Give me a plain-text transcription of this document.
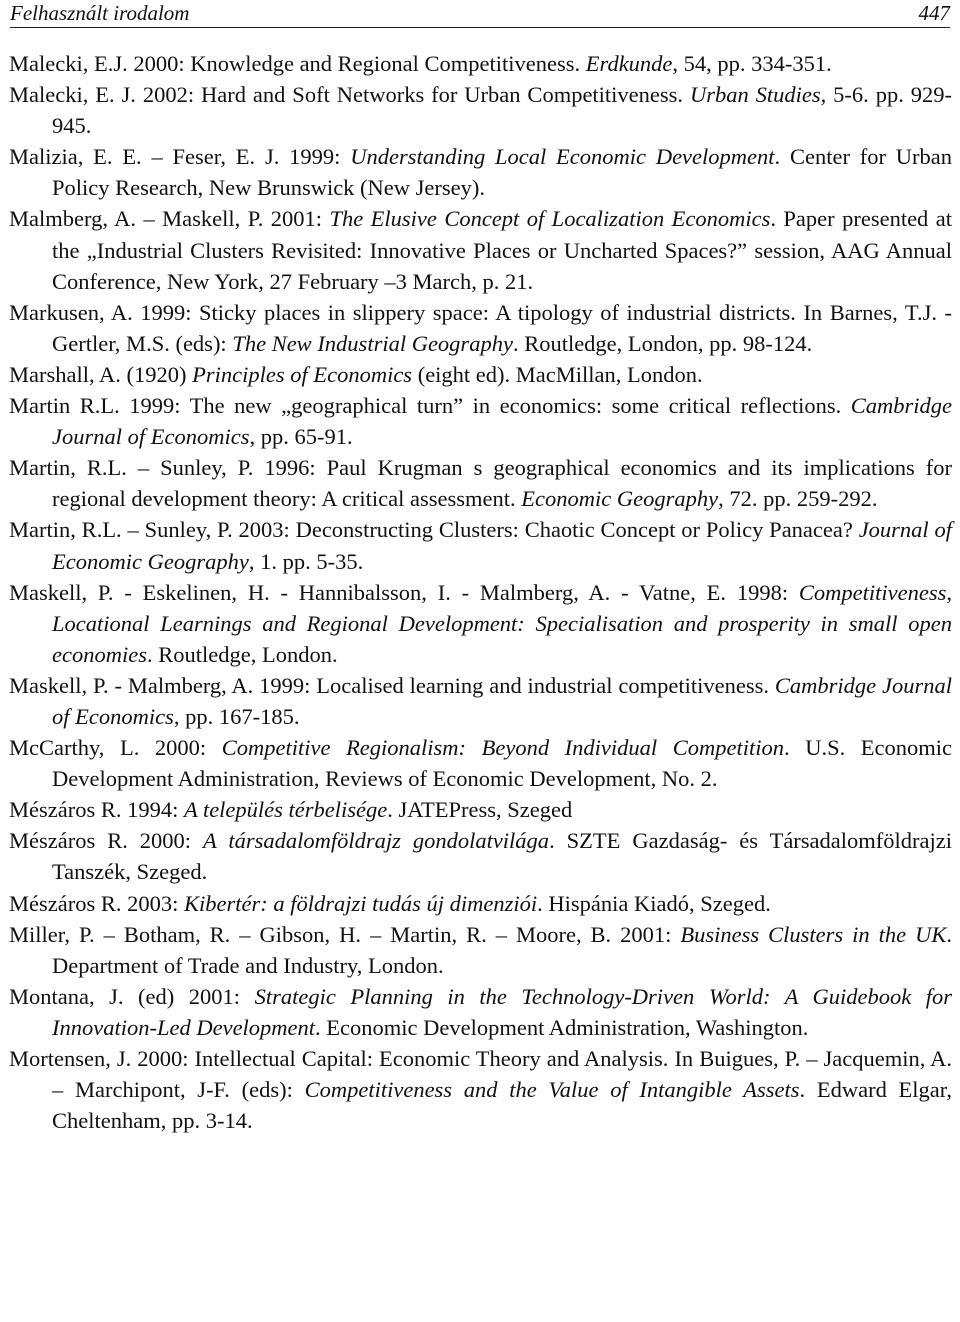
Felhasznált irodalom	447

Malecki, E.J. 2000: Knowledge and Regional Competitiveness. Erdkunde, 54, pp. 334-351.

Malecki, E. J. 2002: Hard and Soft Networks for Urban Competitiveness. Urban Studies, 5-6. pp. 929-945.

Malizia, E. E. – Feser, E. J. 1999: Understanding Local Economic Development. Center for Urban Policy Research, New Brunswick (New Jersey).

Malmberg, A. – Maskell, P. 2001: The Elusive Concept of Localization Economics. Paper presented at the „Industrial Clusters Revisited: Innovative Places or Uncharted Spaces?” session, AAG Annual Conference, New York, 27 February –3 March, p. 21.

Markusen, A. 1999: Sticky places in slippery space: A tipology of industrial districts. In Barnes, T.J. - Gertler, M.S. (eds): The New Industrial Geography. Routledge, London, pp. 98-124.

Marshall, A. (1920) Principles of Economics (eight ed). MacMillan, London.

Martin R.L. 1999: The new „geographical turn” in economics: some critical reflections. Cambridge Journal of Economics, pp. 65-91.

Martin, R.L. – Sunley, P. 1996: Paul Krugman s geographical economics and its implications for regional development theory: A critical assessment. Economic Geography, 72. pp. 259-292.

Martin, R.L. – Sunley, P. 2003: Deconstructing Clusters: Chaotic Concept or Policy Panacea? Journal of Economic Geography, 1. pp. 5-35.

Maskell, P. - Eskelinen, H. - Hannibalsson, I. - Malmberg, A. - Vatne, E. 1998: Competitiveness, Locational Learnings and Regional Development: Specialisation and prosperity in small open economies. Routledge, London.

Maskell, P. - Malmberg, A. 1999: Localised learning and industrial competitiveness. Cambridge Journal of Economics, pp. 167-185.

McCarthy, L. 2000: Competitive Regionalism: Beyond Individual Competition. U.S. Economic Development Administration, Reviews of Economic Development, No. 2.

Mészáros R. 1994: A település térbelisége. JATEPress, Szeged

Mészáros R. 2000: A társadalomföldrajz gondolatvilága. SZTE Gazdaság- és Társadalomföldrajzi Tanszék, Szeged.

Mészáros R. 2003: Kibertér: a földrajzi tudás új dimenziói. Hispánia Kiadó, Szeged.

Miller, P. – Botham, R. – Gibson, H. – Martin, R. – Moore, B. 2001: Business Clusters in the UK. Department of Trade and Industry, London.

Montana, J. (ed) 2001: Strategic Planning in the Technology-Driven World: A Guidebook for Innovation-Led Development. Economic Development Administration, Washington.

Mortensen, J. 2000: Intellectual Capital: Economic Theory and Analysis. In Buigues, P. – Jacquemin, A. – Marchipont, J-F. (eds): Competitiveness and the Value of Intangible Assets. Edward Elgar, Cheltenham, pp. 3-14.
